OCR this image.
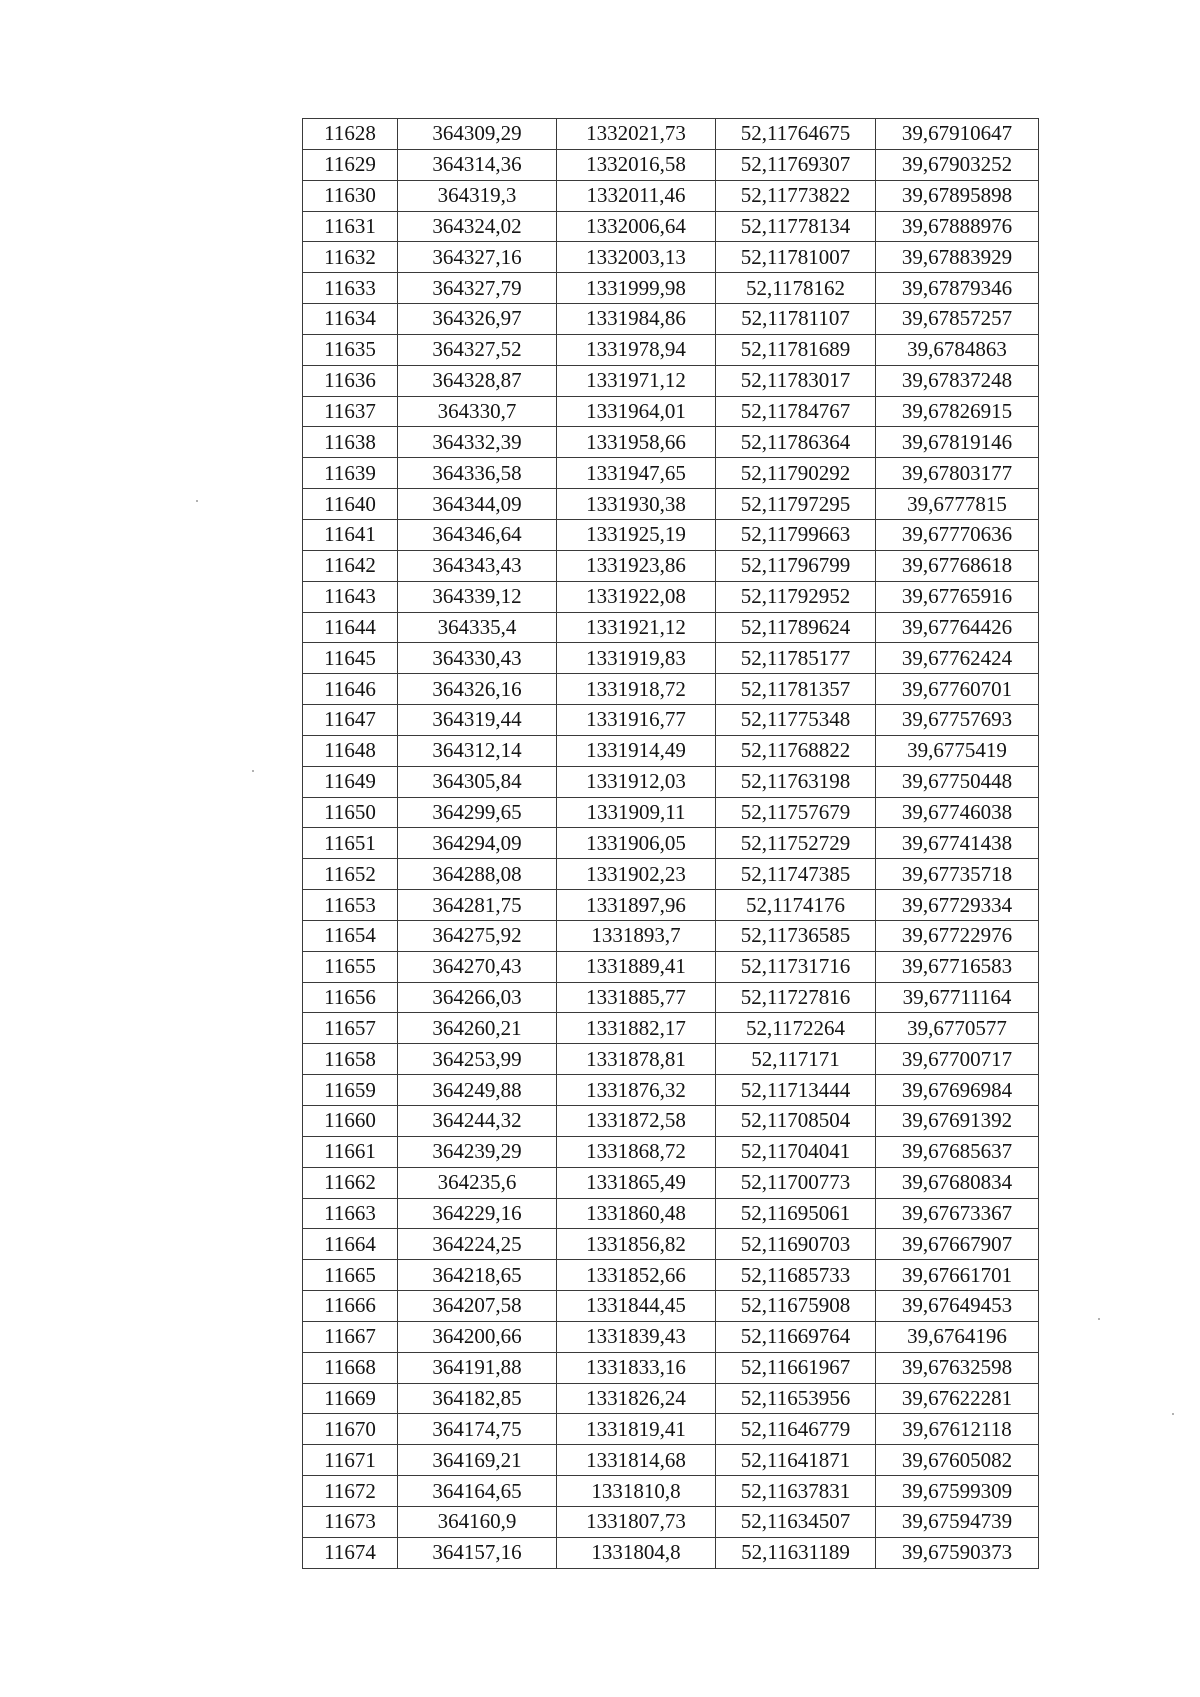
11628	364309,29	1332021,73	52,11764675	39,67910647
11629	364314,36	1332016,58	52,11769307	39,67903252
11630	364319,3	1332011,46	52,11773822	39,67895898
11631	364324,02	1332006,64	52,11778134	39,67888976
11632	364327,16	1332003,13	52,11781007	39,67883929
11633	364327,79	1331999,98	52,1178162	39,67879346
11634	364326,97	1331984,86	52,11781107	39,67857257
11635	364327,52	1331978,94	52,11781689	39,6784863
11636	364328,87	1331971,12	52,11783017	39,67837248
11637	364330,7	1331964,01	52,11784767	39,67826915
11638	364332,39	1331958,66	52,11786364	39,67819146
11639	364336,58	1331947,65	52,11790292	39,67803177
11640	364344,09	1331930,38	52,11797295	39,6777815
11641	364346,64	1331925,19	52,11799663	39,67770636
11642	364343,43	1331923,86	52,11796799	39,67768618
11643	364339,12	1331922,08	52,11792952	39,67765916
11644	364335,4	1331921,12	52,11789624	39,67764426
11645	364330,43	1331919,83	52,11785177	39,67762424
11646	364326,16	1331918,72	52,11781357	39,67760701
11647	364319,44	1331916,77	52,11775348	39,67757693
11648	364312,14	1331914,49	52,11768822	39,6775419
11649	364305,84	1331912,03	52,11763198	39,67750448
11650	364299,65	1331909,11	52,11757679	39,67746038
11651	364294,09	1331906,05	52,11752729	39,67741438
11652	364288,08	1331902,23	52,11747385	39,67735718
11653	364281,75	1331897,96	52,1174176	39,67729334
11654	364275,92	1331893,7	52,11736585	39,67722976
11655	364270,43	1331889,41	52,11731716	39,67716583
11656	364266,03	1331885,77	52,11727816	39,67711164
11657	364260,21	1331882,17	52,1172264	39,6770577
11658	364253,99	1331878,81	52,117171	39,67700717
11659	364249,88	1331876,32	52,11713444	39,67696984
11660	364244,32	1331872,58	52,11708504	39,67691392
11661	364239,29	1331868,72	52,11704041	39,67685637
11662	364235,6	1331865,49	52,11700773	39,67680834
11663	364229,16	1331860,48	52,11695061	39,67673367
11664	364224,25	1331856,82	52,11690703	39,67667907
11665	364218,65	1331852,66	52,11685733	39,67661701
11666	364207,58	1331844,45	52,11675908	39,67649453
11667	364200,66	1331839,43	52,11669764	39,6764196
11668	364191,88	1331833,16	52,11661967	39,67632598
11669	364182,85	1331826,24	52,11653956	39,67622281
11670	364174,75	1331819,41	52,11646779	39,67612118
11671	364169,21	1331814,68	52,11641871	39,67605082
11672	364164,65	1331810,8	52,11637831	39,67599309
11673	364160,9	1331807,73	52,11634507	39,67594739
11674	364157,16	1331804,8	52,11631189	39,67590373
